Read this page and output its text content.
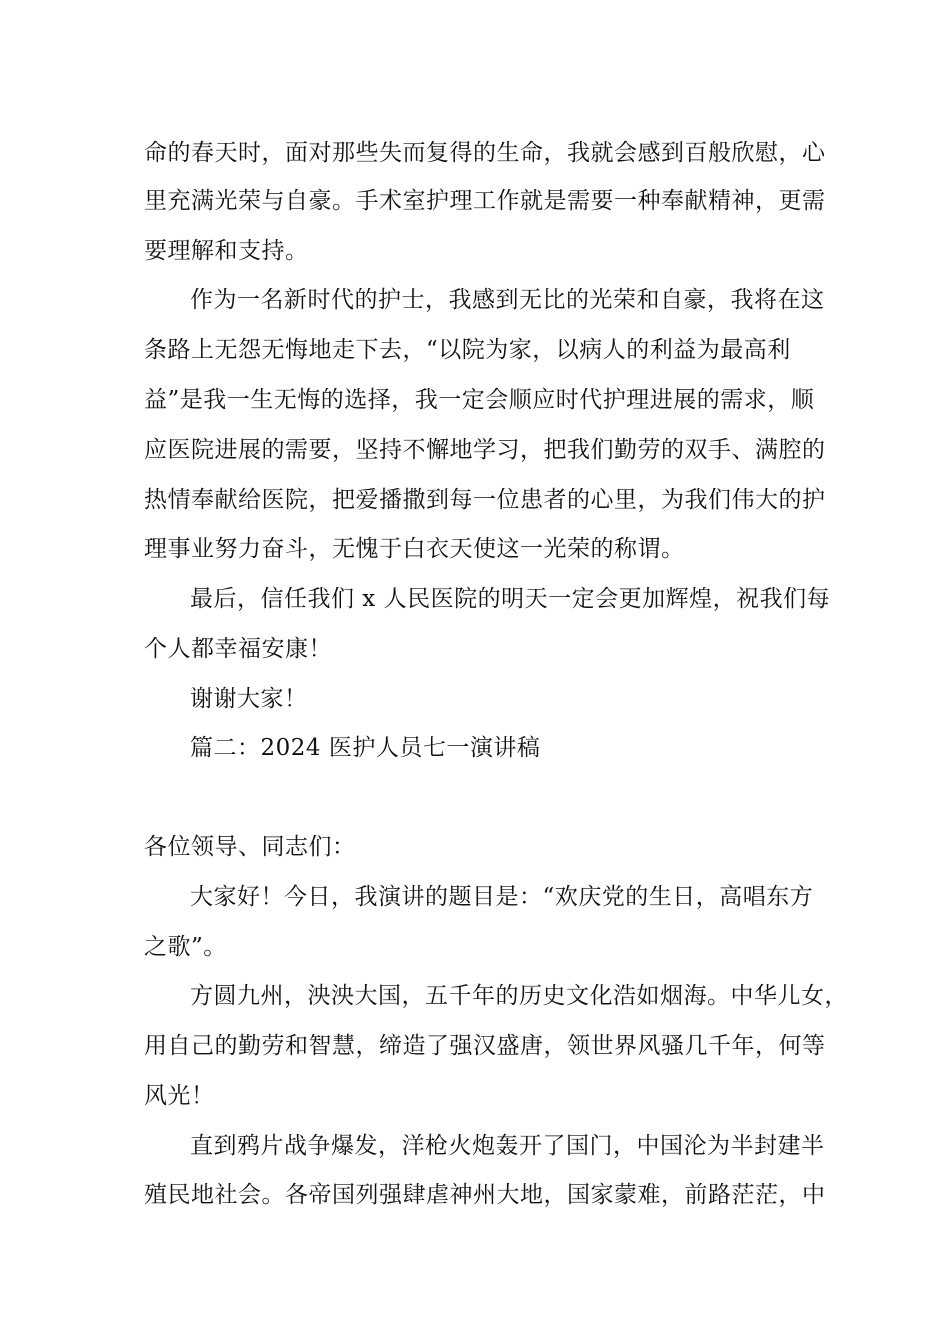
命的春天时，面对那些失而复得的生命，我就会感到百般欣慰，心
里充满光荣与自豪。手术室护理工作就是需要一种奉献精神，更需
要理解和支持。
作为一名新时代的护士，我感到无比的光荣和自豪，我将在这
条路上无怨无悔地走下去，“以院为家，以病人的利益为最高利
益”是我一生无悔的选择，我一定会顺应时代护理进展的需求，顺
应医院进展的需要，坚持不懈地学习，把我们勤劳的双手、满腔的
热情奉献给医院，把爱播撒到每一位患者的心里，为我们伟大的护
理事业努力奋斗，无愧于白衣天使这一光荣的称谓。
最后，信任我们 x 人民医院的明天一定会更加辉煌，祝我们每
个人都幸福安康！
谢谢大家！
篇二：2024 医护人员七一演讲稿
各位领导、同志们：
大家好！今日，我演讲的题目是：“欢庆党的生日，高唱东方
之歌”。
方圆九州，泱泱大国，五千年的历史文化浩如烟海。中华儿女，
用自己的勤劳和智慧，缔造了强汉盛唐，领世界风骚几千年，何等
风光！
直到鸦片战争爆发，洋枪火炮轰开了国门，中国沦为半封建半
殖民地社会。各帝国列强肆虐神州大地，国家蒙难，前路茫茫，中
